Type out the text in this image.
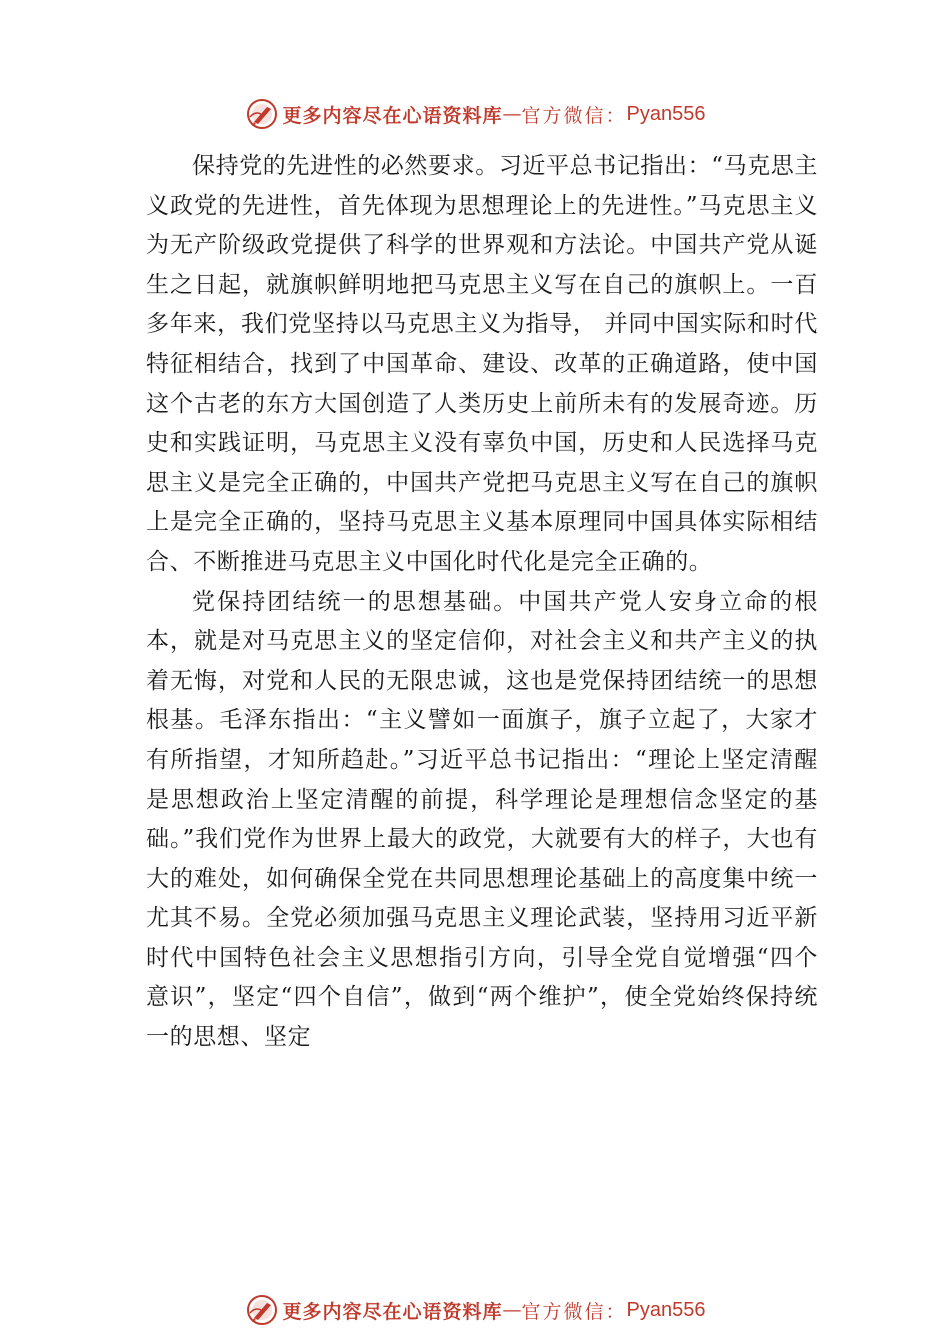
更多内容尽在心语资料库 — 官方微信： Pyan556

保持党的先进性的必然要求。习近平总书记指出：“马克思主义政党的先进性，首先体现为思想理论上的先进性。”马克思主义为无产阶级政党提供了科学的世界观和方法论。中国共产党从诞生之日起，就旗帜鲜明地把马克思主义写在自己的旗帜上。一百多年来，我们党坚持以马克思主义为指导， 并同中国实际和时代特征相结合，找到了中国革命、建设、改革的正确道路，使中国这个古老的东方大国创造了人类历史上前所未有的发展奇迹。历史和实践证明，马克思主义没有辜负中国，历史和人民选择马克思主义是完全正确的，中国共产党把马克思主义写在自己的旗帜上是完全正确的，坚持马克思主义基本原理同中国具体实际相结合、不断推进马克思主义中国化时代化是完全正确的。

党保持团结统一的思想基础。中国共产党人安身立命的根本，就是对马克思主义的坚定信仰，对社会主义和共产主义的执着无悔，对党和人民的无限忠诚，这也是党保持团结统一的思想根基。毛泽东指出：“主义譬如一面旗子，旗子立起了，大家才有所指望，才知所趋赴。”习近平总书记指出：“理论上坚定清醒是思想政治上坚定清醒的前提，科学理论是理想信念坚定的基础。”我们党作为世界上最大的政党，大就要有大的样子，大也有大的难处，如何确保全党在共同思想理论基础上的高度集中统一尤其不易。全党必须加强马克思主义理论武装，坚持用习近平新时代中国特色社会主义思想指引方向，引导全党自觉增强“四个意识”，坚定“四个自信”，做到“两个维护”，使全党始终保持统一的思想、坚定

更多内容尽在心语资料库 — 官方微信： Pyan556
